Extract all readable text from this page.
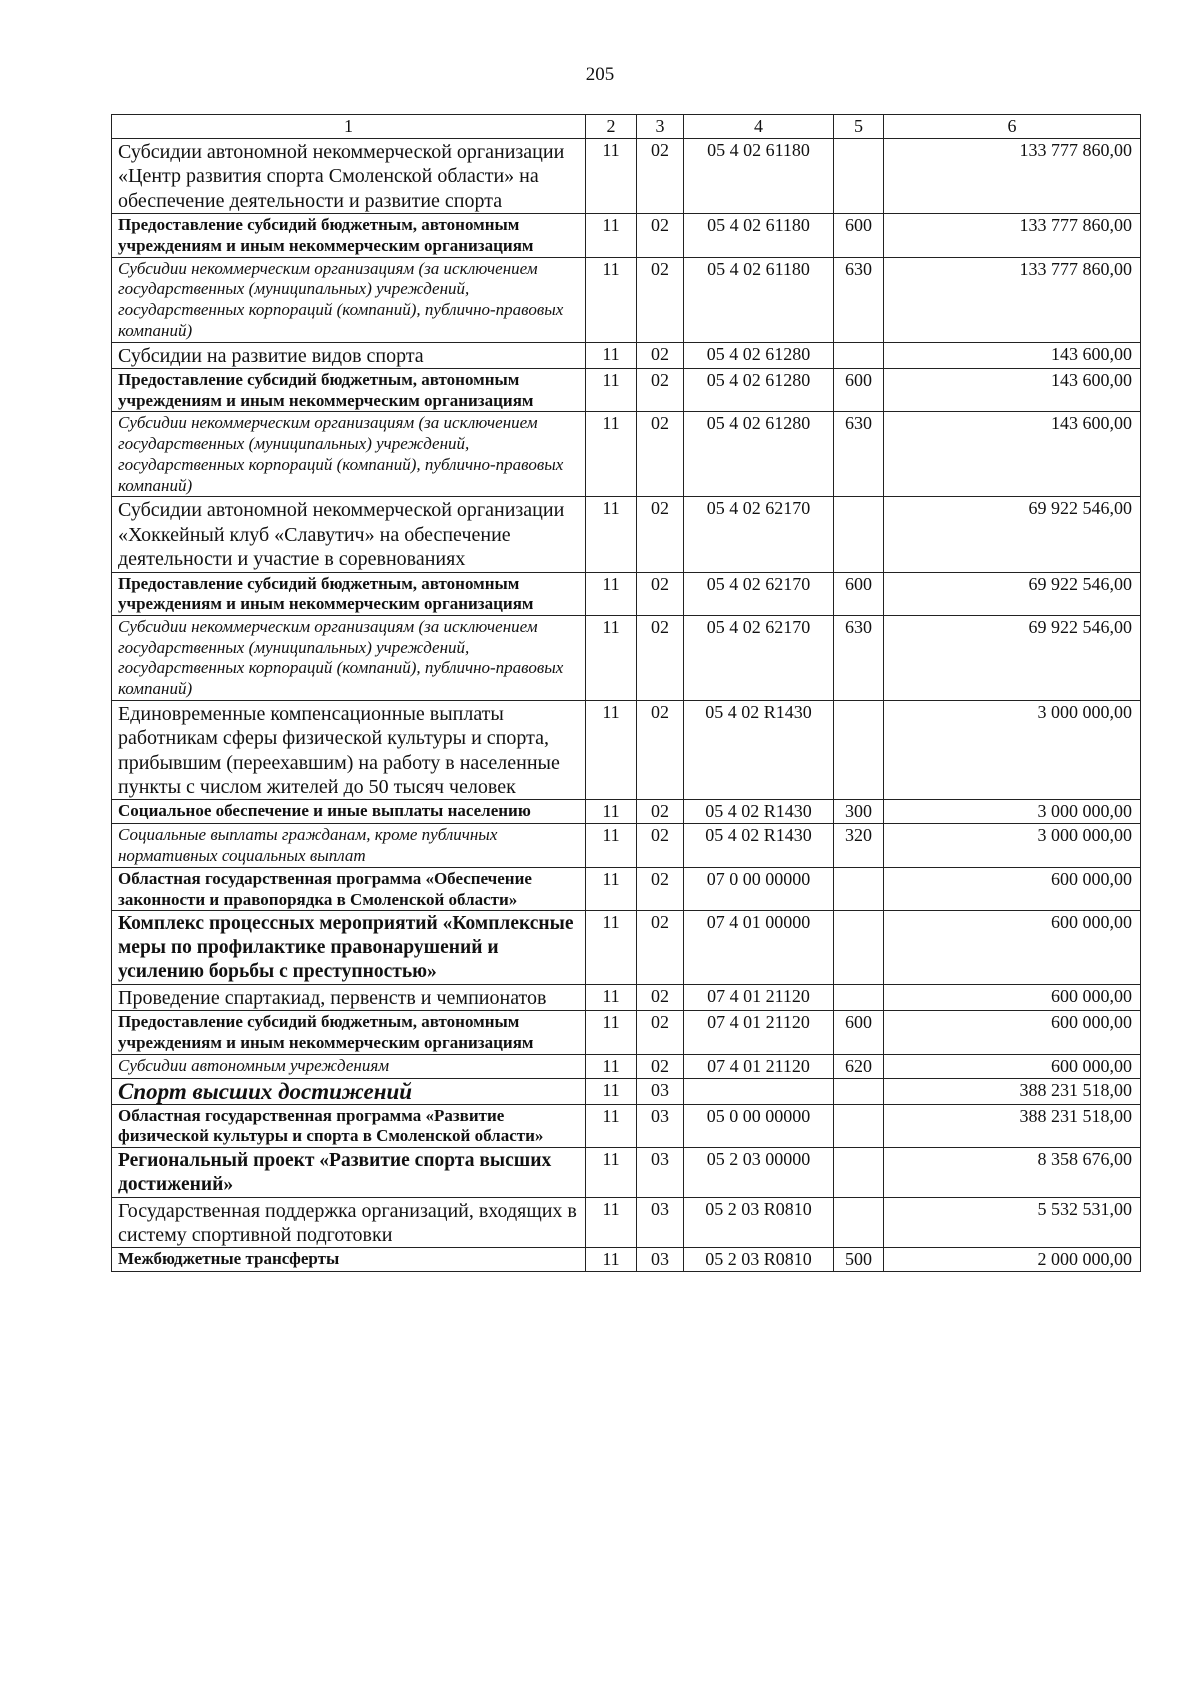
205
1	2	3	4	5	6
Субсидии автономной некоммерческой организации «Центр развития спорта Смоленской области» на обеспечение деятельности и развитие спорта	11	02	05 4 02 61180		133 777 860,00
Предоставление субсидий бюджетным, автономным учреждениям и иным некоммерческим организациям	11	02	05 4 02 61180	600	133 777 860,00
Субсидии некоммерческим организациям (за исключением государственных (муниципальных) учреждений, государственных корпораций (компаний), публично-правовых компаний)	11	02	05 4 02 61180	630	133 777 860,00
Субсидии на развитие видов спорта	11	02	05 4 02 61280		143 600,00
Предоставление субсидий бюджетным, автономным учреждениям и иным некоммерческим организациям	11	02	05 4 02 61280	600	143 600,00
Субсидии некоммерческим организациям (за исключением государственных (муниципальных) учреждений, государственных корпораций (компаний), публично-правовых компаний)	11	02	05 4 02 61280	630	143 600,00
Субсидии автономной некоммерческой организации «Хоккейный клуб «Славутич» на обеспечение деятельности и участие в соревнованиях	11	02	05 4 02 62170		69 922 546,00
Предоставление субсидий бюджетным, автономным учреждениям и иным некоммерческим организациям	11	02	05 4 02 62170	600	69 922 546,00
Субсидии некоммерческим организациям (за исключением государственных (муниципальных) учреждений, государственных корпораций (компаний), публично-правовых компаний)	11	02	05 4 02 62170	630	69 922 546,00
Единовременные компенсационные выплаты работникам сферы физической культуры и спорта, прибывшим (переехавшим) на работу в населенные пункты с числом жителей до 50 тысяч человек	11	02	05 4 02 R1430		3 000 000,00
Социальное обеспечение и иные выплаты населению	11	02	05 4 02 R1430	300	3 000 000,00
Социальные выплаты гражданам, кроме публичных нормативных социальных выплат	11	02	05 4 02 R1430	320	3 000 000,00
Областная государственная программа «Обеспечение законности и правопорядка в Смоленской области»	11	02	07 0 00 00000		600 000,00
Комплекс процессных мероприятий «Комплексные меры по профилактике правонарушений и усилению борьбы с преступностью»	11	02	07 4 01 00000		600 000,00
Проведение спартакиад, первенств и чемпионатов	11	02	07 4 01 21120		600 000,00
Предоставление субсидий бюджетным, автономным учреждениям и иным некоммерческим организациям	11	02	07 4 01 21120	600	600 000,00
Субсидии автономным учреждениям	11	02	07 4 01 21120	620	600 000,00
Спорт высших достижений	11	03			388 231 518,00
Областная государственная программа «Развитие физической культуры и спорта в Смоленской области»	11	03	05 0 00 00000		388 231 518,00
Региональный проект «Развитие спорта высших достижений»	11	03	05 2 03 00000		8 358 676,00
Государственная поддержка организаций, входящих в систему спортивной подготовки	11	03	05 2 03 R0810		5 532 531,00
Межбюджетные трансферты	11	03	05 2 03 R0810	500	2 000 000,00
